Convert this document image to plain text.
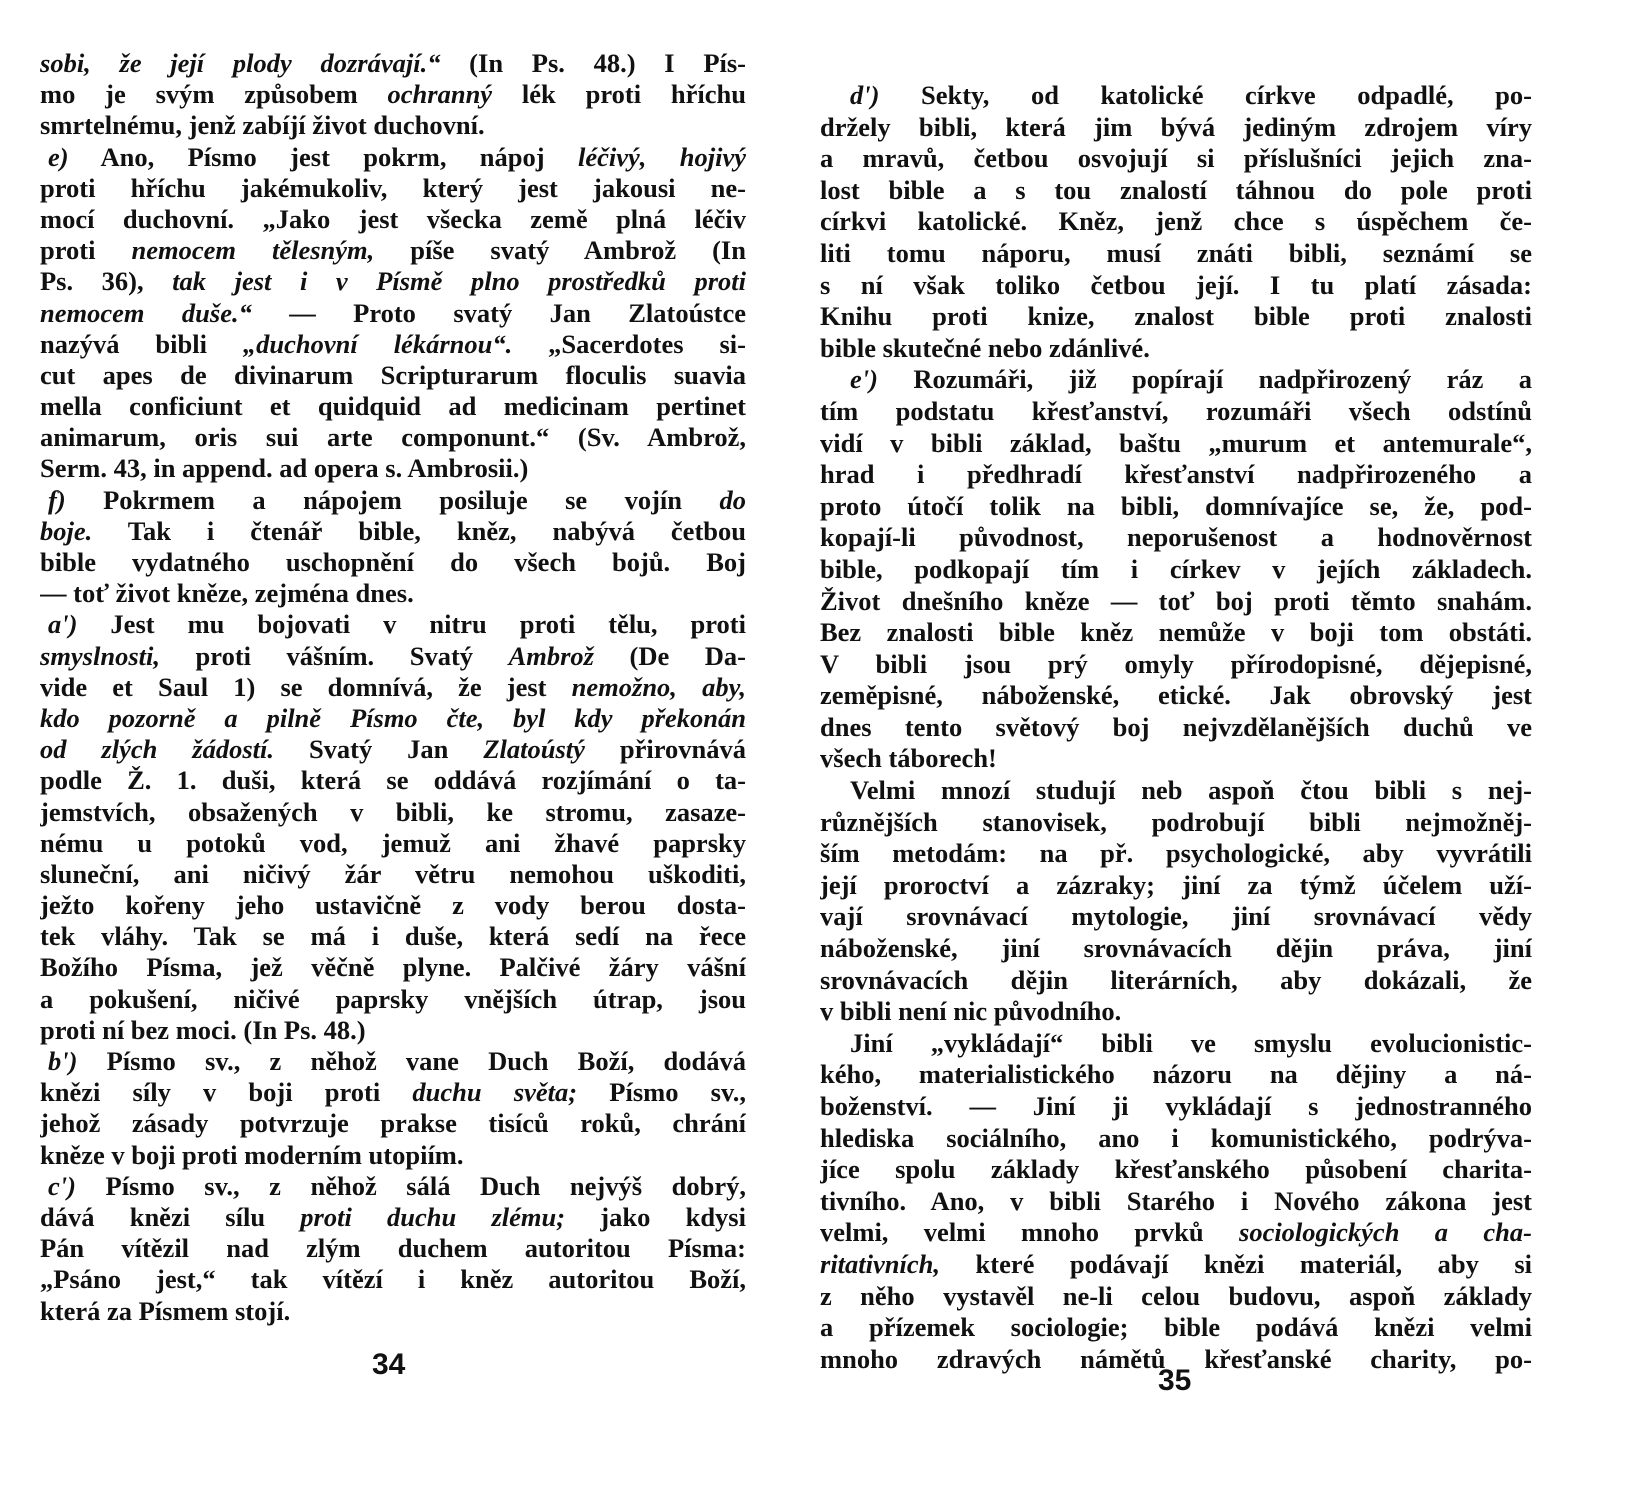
sobi, že její plody dozrávají.“ (In Ps. 48.) I Pís-
mo je svým způsobem ochranný lék proti hříchu
smrtelnému, jenž zabíjí život duchovní.
e) Ano, Písmo jest pokrm, nápoj léčivý, hojivý
proti hříchu jakémukoliv, který jest jakousi ne-
mocí duchovní. „Jako jest všecka země plná léčiv
proti nemocem tělesným, píše svatý Ambrož (In
Ps. 36), tak jest i v Písmě plno prostředků proti
nemocem duše.“ — Proto svatý Jan Zlatoústce
nazývá bibli „duchovní lékárnou“. „Sacerdotes si-
cut apes de divinarum Scripturarum floculis suavia
mella conficiunt et quidquid ad medicinam pertinet
animarum, oris sui arte componunt.“ (Sv. Ambrož,
Serm. 43, in append. ad opera s. Ambrosii.)
f) Pokrmem a nápojem posiluje se vojín do
boje. Tak i čtenář bible, kněz, nabývá četbou
bible vydatného uschopnění do všech bojů. Boj
— toť život kněze, zejména dnes.
a') Jest mu bojovati v nitru proti tělu, proti
smyslnosti, proti vášním. Svatý Ambrož (De Da-
vide et Saul 1) se domnívá, že jest nemožno, aby,
kdo pozorně a pilně Písmo čte, byl kdy překonán
od zlých žádostí. Svatý Jan Zlatoústý přirovnává
podle Ž. 1. duši, která se oddává rozjímání o ta-
jemstvích, obsažených v bibli, ke stromu, zasaze-
nému u potoků vod, jemuž ani žhavé paprsky
sluneční, ani ničivý žár větru nemohou uškoditi,
ježto kořeny jeho ustavičně z vody berou dosta-
tek vláhy. Tak se má i duše, která sedí na řece
Božího Písma, jež věčně plyne. Palčivé žáry vášní
a pokušení, ničivé paprsky vnějších útrap, jsou
proti ní bez moci. (In Ps. 48.)
b') Písmo sv., z něhož vane Duch Boží, dodává
knězi síly v boji proti duchu světa; Písmo sv.,
jehož zásady potvrzuje prakse tisíců roků, chrání
kněze v boji proti moderním utopiím.
c') Písmo sv., z něhož sálá Duch nejvýš dobrý,
dává knězi sílu proti duchu zlému; jako kdysi
Pán vítězil nad zlým duchem autoritou Písma:
„Psáno jest,“ tak vítězí i kněz autoritou Boží,
která za Písmem stojí.
34
d') Sekty, od katolické církve odpadlé, po-
držely bibli, která jim bývá jediným zdrojem víry
a mravů, četbou osvojují si příslušníci jejich zna-
lost bible a s tou znalostí táhnou do pole proti
církvi katolické. Kněz, jenž chce s úspěchem če-
liti tomu náporu, musí znáti bibli, seznámí se
s ní však toliko četbou její. I tu platí zásada:
Knihu proti knize, znalost bible proti znalosti
bible skutečné nebo zdánlivé.
e') Rozumáři, již popírají nadpřirozený ráz a
tím podstatu křesťanství, rozumáři všech odstínů
vidí v bibli základ, baštu „murum et antemurale“,
hrad i předhradí křesťanství nadpřirozeného a
proto útočí tolik na bibli, domnívajíce se, že, pod-
kopají-li původnost, neporušenost a hodnověrnost
bible, podkopají tím i církev v jejích základech.
Život dnešního kněze — toť boj proti těmto snahám.
Bez znalosti bible kněz nemůže v boji tom obstáti.
V bibli jsou prý omyly přírodopisné, dějepisné,
zeměpisné, náboženské, etické. Jak obrovský jest
dnes tento světový boj nejvzdělanějších duchů ve
všech táborech!
Velmi mnozí studují neb aspoň čtou bibli s nej-
různějších stanovisek, podrobují bibli nejmožněj-
ším metodám: na př. psychologické, aby vyvrátili
její proroctví a zázraky; jiní za týmž účelem uží-
vají srovnávací mytologie, jiní srovnávací vědy
náboženské, jiní srovnávacích dějin práva, jiní
srovnávacích dějin literárních, aby dokázali, že
v bibli není nic původního.
Jiní „vykládají“ bibli ve smyslu evolucionistic-
kého, materialistického názoru na dějiny a ná-
boženství. — Jiní ji vykládají s jednostranného
hlediska sociálního, ano i komunistického, podrýva-
jíce spolu základy křesťanského působení charita-
tivního. Ano, v bibli Starého i Nového zákona jest
velmi, velmi mnoho prvků sociologických a cha-
ritativních, které podávají knězi materiál, aby si
z něho vystavěl ne-li celou budovu, aspoň základy
a přízemek sociologie; bible podává knězi velmi
mnoho zdravých námětů křesťanské charity, po-
35
